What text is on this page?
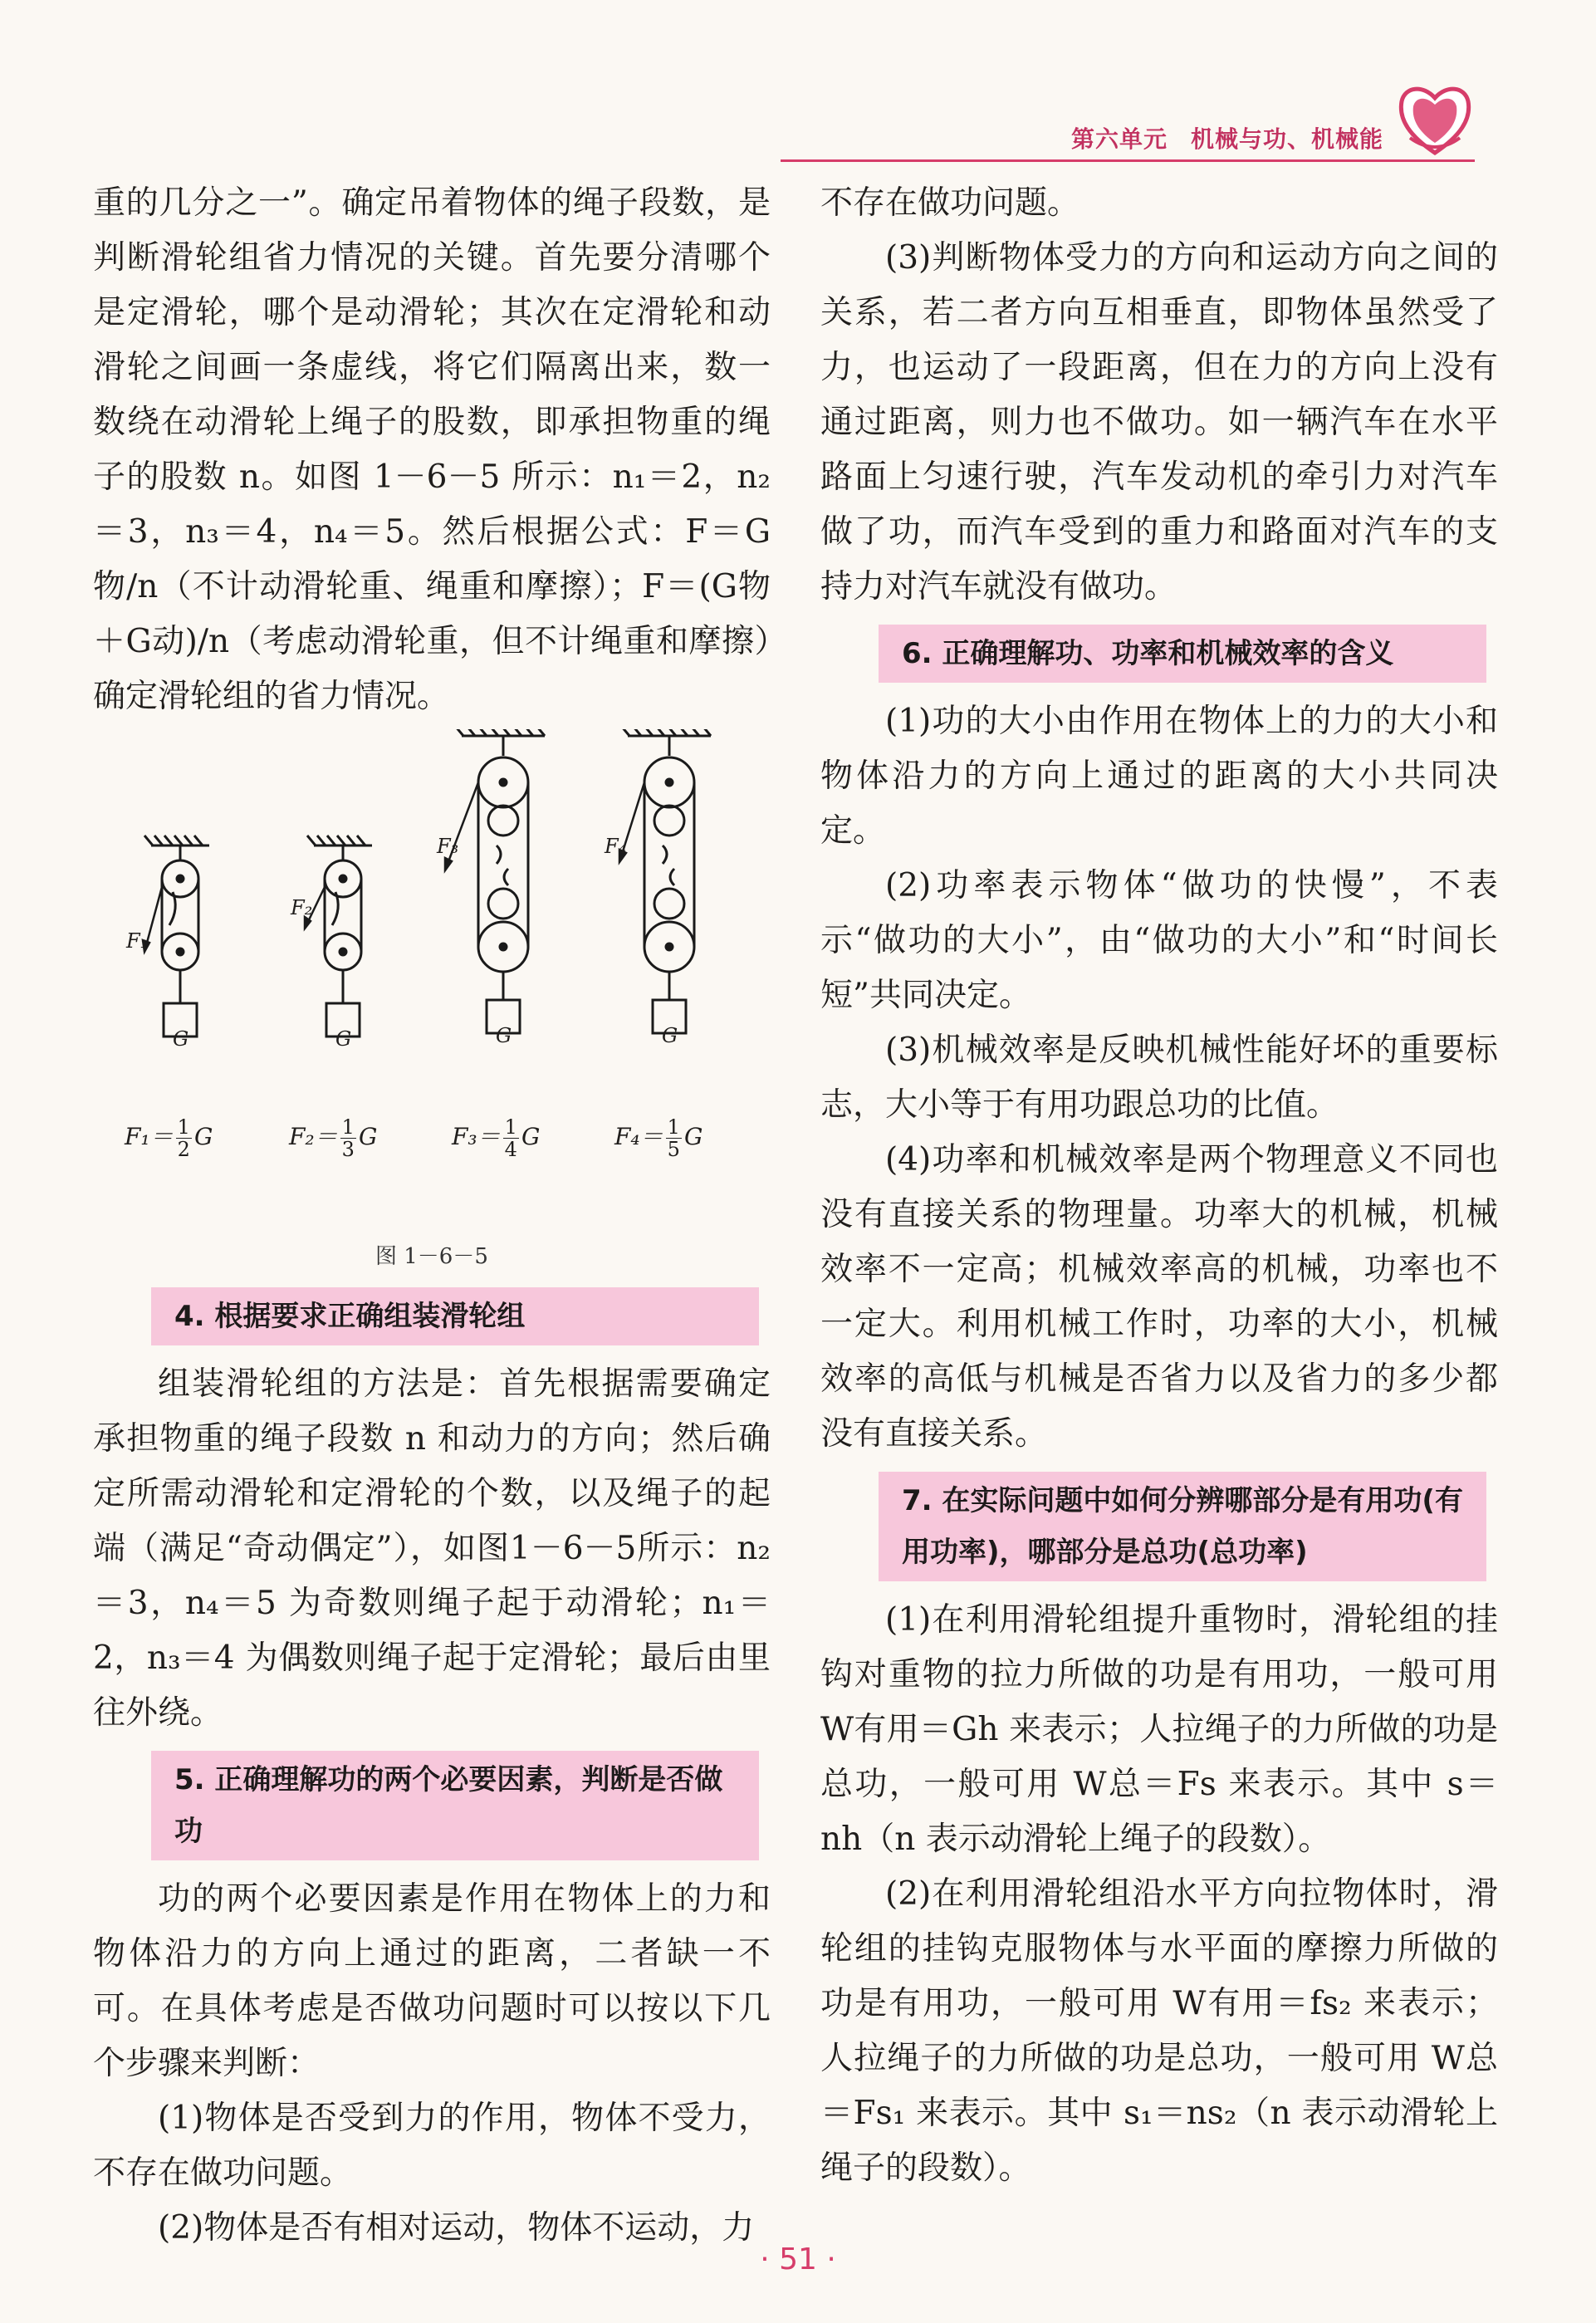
第六单元 机械与功、机械能

重的几分之一”。确定吊着物体的绳子段数，是判断滑轮组省力情况的关键。首先要分清哪个是定滑轮，哪个是动滑轮；其次在定滑轮和动滑轮之间画一条虚线，将它们隔离出来，数一数绕在动滑轮上绳子的股数，即承担物重的绳子的股数 n。如图 1－6－5 所示：n₁＝2，n₂＝3，n₃＝4，n₄＝5。然后根据公式：F＝G物/n（不计动滑轮重、绳重和摩擦）；F＝(G物＋G动)/n（考虑动滑轮重，但不计绳重和摩擦）确定滑轮组的省力情况。

F₁
F₂
F₃	F₄
G	G	G	G
$F_1= \frac{1}{2}$ G	$F_2= \frac{1}{3}$ G	$F_3= \frac{1}{4}$ G	$F_4= \frac{1}{5}$ G
图 1－6－5
4. 根据要求正确组装滑轮组

组装滑轮组的方法是：首先根据需要确定承担物重的绳子段数 n 和动力的方向；然后确定所需动滑轮和定滑轮的个数，以及绳子的起端（满足“奇动偶定”），如图1－6－5所示：n₂＝3，n₄＝5 为奇数则绳子起于动滑轮；n₁＝2，n₃＝4 为偶数则绳子起于定滑轮；最后由里往外绕。

5. 正确理解功的两个必要因素，判断是否做功

功的两个必要因素是作用在物体上的力和物体沿力的方向上通过的距离，二者缺一不可。在具体考虑是否做功问题时可以按以下几个步骤来判断：

(1)物体是否受到力的作用，物体不受力，不存在做功问题。

(2)物体是否有相对运动，物体不运动，力

不存在做功问题。

(3)判断物体受力的方向和运动方向之间的关系，若二者方向互相垂直，即物体虽然受了力，也运动了一段距离，但在力的方向上没有通过距离，则力也不做功。如一辆汽车在水平路面上匀速行驶，汽车发动机的牵引力对汽车做了功，而汽车受到的重力和路面对汽车的支持力对汽车就没有做功。

6. 正确理解功、功率和机械效率的含义

(1)功的大小由作用在物体上的力的大小和物体沿力的方向上通过的距离的大小共同决定。

(2)功率表示物体“做功的快慢”，不表示“做功的大小”，由“做功的大小”和“时间长短”共同决定。

(3)机械效率是反映机械性能好坏的重要标志，大小等于有用功跟总功的比值。

(4)功率和机械效率是两个物理意义不同也没有直接关系的物理量。功率大的机械，机械效率不一定高；机械效率高的机械，功率也不一定大。利用机械工作时，功率的大小，机械效率的高低与机械是否省力以及省力的多少都没有直接关系。

7. 在实际问题中如何分辨哪部分是有用功(有用功率)，哪部分是总功(总功率)

(1)在利用滑轮组提升重物时，滑轮组的挂钩对重物的拉力所做的功是有用功，一般可用 W有用＝Gh 来表示；人拉绳子的力所做的功是总功，一般可用 W总＝Fs 来表示。其中 s＝nh（n 表示动滑轮上绳子的段数）。

(2)在利用滑轮组沿水平方向拉物体时，滑轮组的挂钩克服物体与水平面的摩擦力所做的功是有用功，一般可用 W有用＝fs₂ 来表示；人拉绳子的力所做的功是总功，一般可用 W总＝Fs₁ 来表示。其中 s₁＝ns₂（n 表示动滑轮上绳子的段数）。

· 51 ·
